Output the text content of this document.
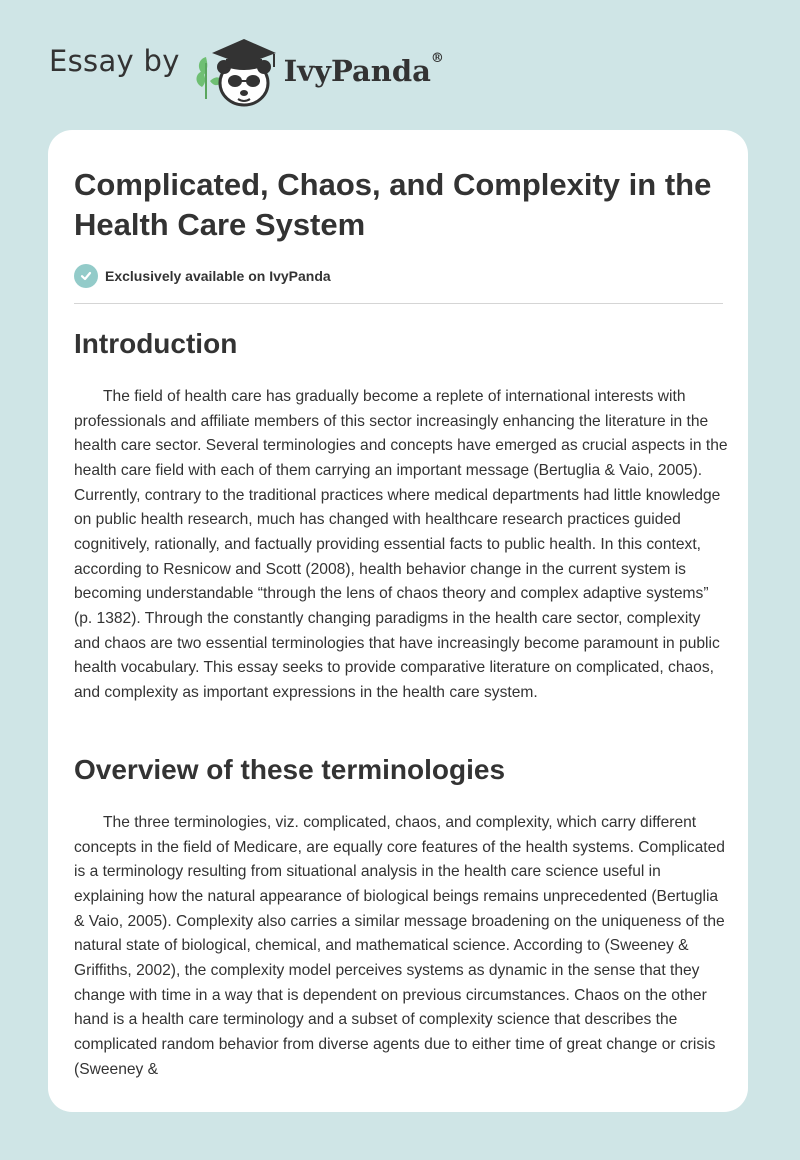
Essay by	IvyPanda®
Complicated, Chaos, and Complexity in the Health Care System
Exclusively available on IvyPanda
Introduction

The field of health care has gradually become a replete of international interests with professionals and affiliate members of this sector increasingly enhancing the literature in the health care sector. Several terminologies and concepts have emerged as crucial aspects in the health care field with each of them carrying an important message (Bertuglia & Vaio, 2005). Currently, contrary to the traditional practices where medical departments had little knowledge on public health research, much has changed with healthcare research practices guided cognitively, rationally, and factually providing essential facts to public health. In this context, according to Resnicow and Scott (2008), health behavior change in the current system is becoming understandable “through the lens of chaos theory and complex adaptive systems” (p. 1382). Through the constantly changing paradigms in the health care sector, complexity and chaos are two essential terminologies that have increasingly become paramount in public health vocabulary. This essay seeks to provide comparative literature on complicated, chaos, and complexity as important expressions in the health care system.

Overview of these terminologies

The three terminologies, viz. complicated, chaos, and complexity, which carry different concepts in the field of Medicare, are equally core features of the health systems. Complicated is a terminology resulting from situational analysis in the health care science useful in explaining how the natural appearance of biological beings remains unprecedented (Bertuglia & Vaio, 2005). Complexity also carries a similar message broadening on the uniqueness of the natural state of biological, chemical, and mathematical science. According to (Sweeney & Griffiths, 2002), the complexity model perceives systems as dynamic in the sense that they change with time in a way that is dependent on previous circumstances. Chaos on the other hand is a health care terminology and a subset of complexity science that describes the complicated random behavior from diverse agents due to either time of great change or crisis (Sweeney &
